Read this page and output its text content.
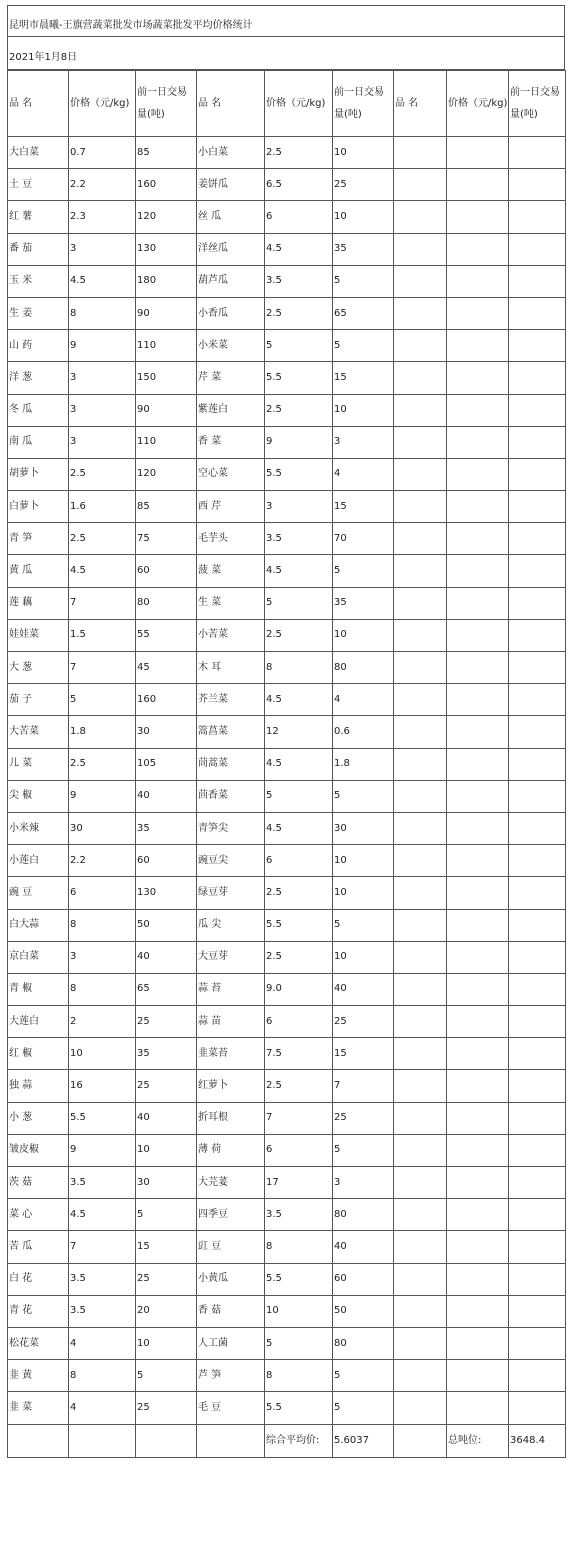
昆明市晨曦-王旗营蔬菜批发市场蔬菜批发平均价格统计
2021年1月8日
品 名	价格（元/kg)	前一日交易量(吨)	品 名	价格（元/kg)	前一日交易量(吨)	品 名	价格（元/kg)	前一日交易量(吨)
大白菜	0.7	85	小白菜	2.5	10			
土 豆	2.2	160	姜饼瓜	6.5	25			
红 薯	2.3	120	丝 瓜	6	10			
番 茄	3	130	洋丝瓜	4.5	35			
玉 米	4.5	180	葫芦瓜	3.5	5			
生 姜	8	90	小香瓜	2.5	65			
山 药	9	110	小米菜	5	5			
洋 葱	3	150	芹 菜	5.5	15			
冬 瓜	3	90	紫莲白	2.5	10			
南 瓜	3	110	香 菜	9	3			
胡萝卜	2.5	120	空心菜	5.5	4			
白萝卜	1.6	85	西 芹	3	15			
青 笋	2.5	75	毛芋头	3.5	70			
黄 瓜	4.5	60	菠 菜	4.5	5			
莲 藕	7	80	生 菜	5	35			
娃娃菜	1.5	55	小苦菜	2.5	10			
大 葱	7	45	木 耳	8	80			
茄 子	5	160	芥兰菜	4.5	4			
大苦菜	1.8	30	篙菖菜	12	0.6			
儿 菜	2.5	105	茼蒿菜	4.5	1.8			
尖 椒	9	40	茴香菜	5	5			
小米辣	30	35	青笋尖	4.5	30			
小莲白	2.2	60	豌豆尖	6	10			
豌 豆	6	130	绿豆芽	2.5	10			
白大蒜	8	50	瓜 尖	5.5	5			
京白菜	3	40	大豆芽	2.5	10			
青 椒	8	65	蒜 苔	9.0	40			
大莲白	2	25	蒜 苗	6	25			
红 椒	10	35	韭菜苔	7.5	15			
独 蒜	16	25	红萝卜	2.5	7			
小 葱	5.5	40	折耳根	7	25			
皱皮椒	9	10	薄 荷	6	5			
茨 菇	3.5	30	大芫荽	17	3			
菜 心	4.5	5	四季豆	3.5	80			
苦 瓜	7	15	豇 豆	8	40			
白 花	3.5	25	小黄瓜	5.5	60			
青 花	3.5	20	香 菇	10	50			
松花菜	4	10	人工菌	5	80			
韭 黄	8	5	芦 笋	8	5			
韭 菜	4	25	毛 豆	5.5	5			
				综合平均价:	5.6037		总吨位:	3648.4
